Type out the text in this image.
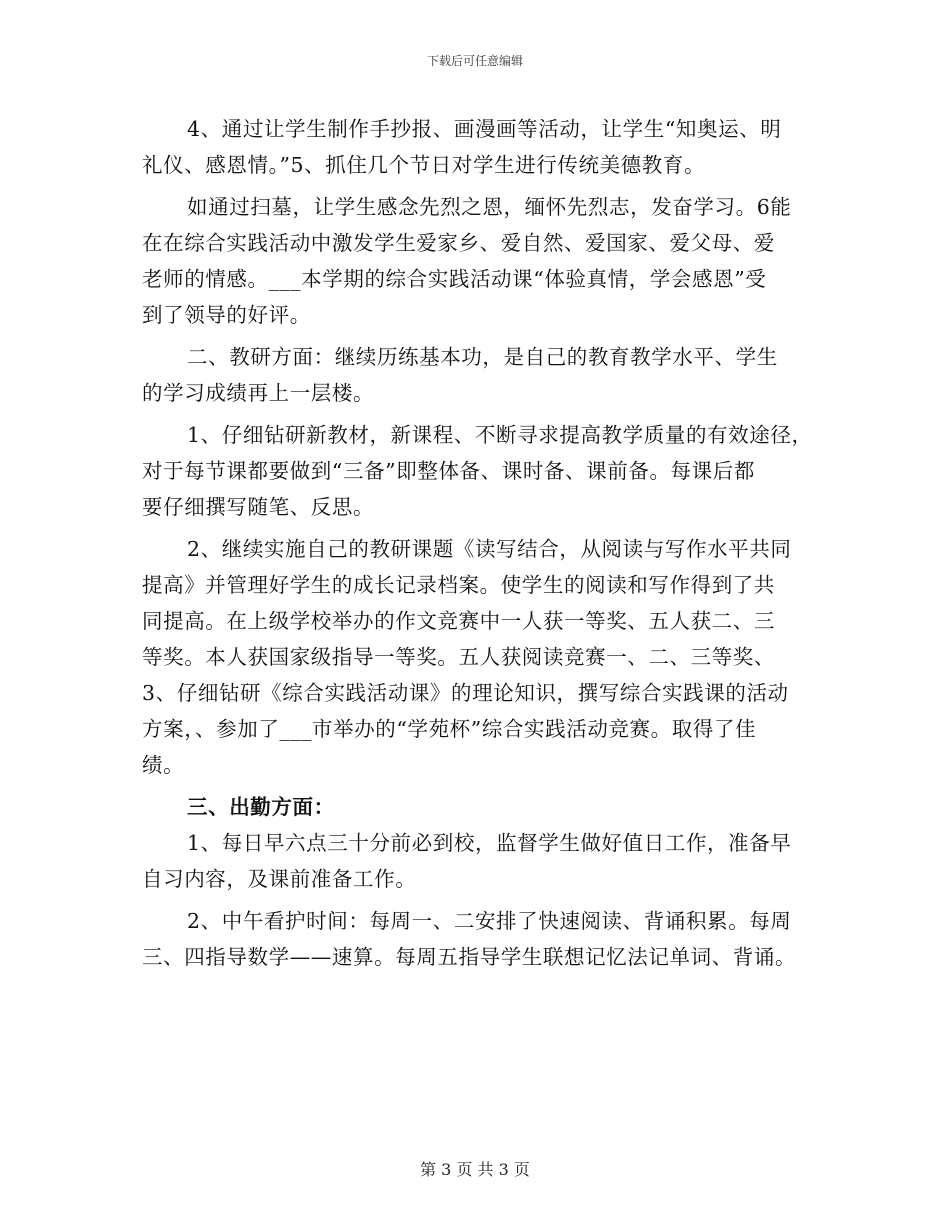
下载后可任意编辑
4、通过让学生制作手抄报、画漫画等活动，让学生“知奥运、明
礼仪、感恩情。”5、抓住几个节日对学生进行传统美德教育。
如通过扫墓，让学生感念先烈之恩，缅怀先烈志，发奋学习。6能
在在综合实践活动中激发学生爱家乡、爱自然、爱国家、爱父母、爱
老师的情感。___本学期的综合实践活动课“体验真情，学会感恩”受
到了领导的好评。
二、教研方面：继续历练基本功，是自己的教育教学水平、学生
的学习成绩再上一层楼。
1、仔细钻研新教材，新课程、不断寻求提高教学质量的有效途径，
对于每节课都要做到“三备”即整体备、课时备、课前备。每课后都
要仔细撰写随笔、反思。
2、继续实施自己的教研课题《读写结合，从阅读与写作水平共同
提高》并管理好学生的成长记录档案。使学生的阅读和写作得到了共
同提高。在上级学校举办的作文竞赛中一人获一等奖、五人获二、三
等奖。本人获国家级指导一等奖。五人获阅读竞赛一、二、三等奖、
3、仔细钻研《综合实践活动课》的理论知识，撰写综合实践课的活动
方案，、参加了___市举办的“学苑杯”综合实践活动竞赛。取得了佳
绩。
三、出勤方面：
1、每日早六点三十分前必到校，监督学生做好值日工作，准备早
自习内容，及课前准备工作。
2、中午看护时间：每周一、二安排了快速阅读、背诵积累。每周
三、四指导数学——速算。每周五指导学生联想记忆法记单词、背诵。
第 3 页 共 3 页
